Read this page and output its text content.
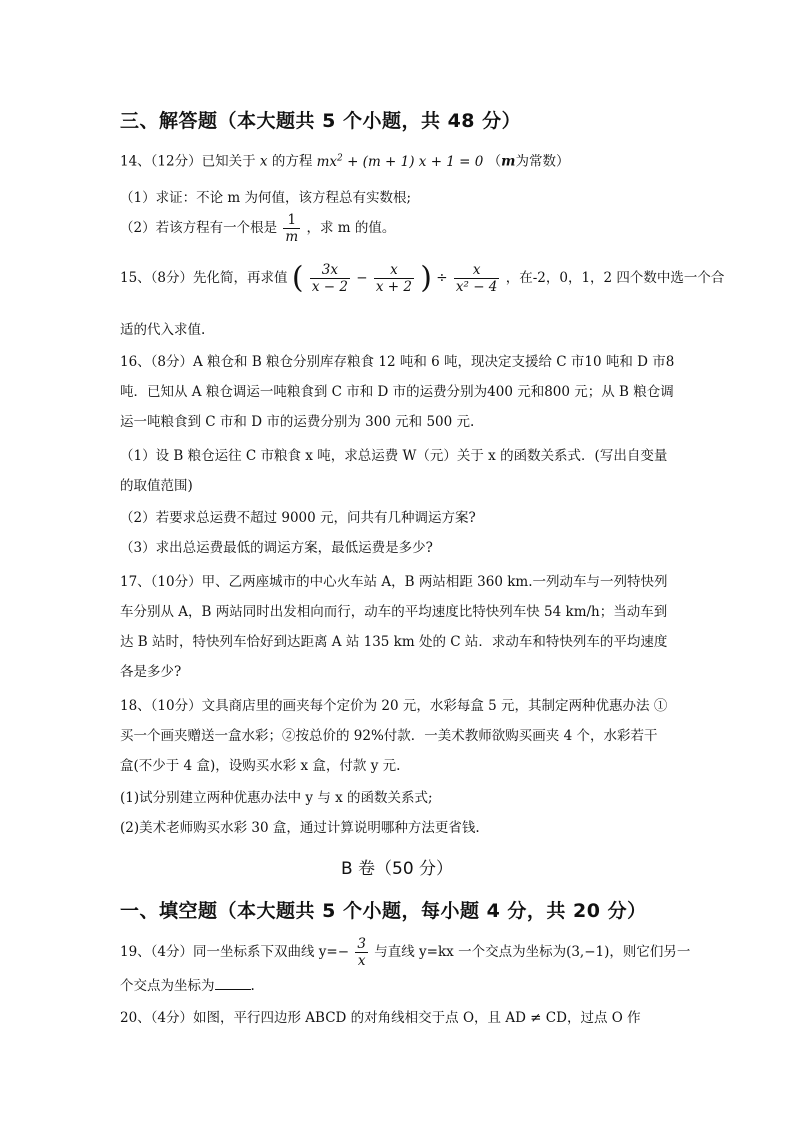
三、解答题（本大题共 5 个小题，共 48 分）
14、（12分）已知关于 x 的方程 $mx^2 + (m + 1) x + 1 = 0$ （m为常数）
（1）求证：不论 m 为何值，该方程总有实数根;
（2）若该方程有一个根是 $\frac{1}{m}$ ，求 m 的值。
15、（8分）先化简，再求值 ( $\frac{3x}{x - 2} - \frac{x}{x + 2}$ ) ÷ $\frac{x}{\text{x² − 4}}$ ，在-2，0，1，2 四个数中选一个合
适的代入求值.
16、（8分）A 粮仓和 B 粮仓分别库存粮食 12 吨和 6 吨，现决定支援给 C 市10 吨和 D 市8
吨．已知从 A 粮仓调运一吨粮食到 C 市和 D 市的运费分别为400 元和800 元；从 B 粮仓调
运一吨粮食到 C 市和 D 市的运费分别为 300 元和 500 元.
（1）设 B 粮仓运往 C 市粮食 x 吨，求总运费 W（元）关于 x 的函数关系式．(写出自变量
的取值范围)
（2）若要求总运费不超过 9000 元，问共有几种调运方案?
（3）求出总运费最低的调运方案，最低运费是多少?
17、（10分）甲、乙两座城市的中心火车站 A，B 两站相距 360 km.一列动车与一列特快列
车分别从 A，B 两站同时出发相向而行，动车的平均速度比特快列车快 54 km/h；当动车到
达 B 站时，特快列车恰好到达距离 A 站 135 km 处的 C 站．求动车和特快列车的平均速度
各是多少?
18、（10分）文具商店里的画夹每个定价为 20 元，水彩每盒 5 元，其制定两种优惠办法 ①
买一个画夹赠送一盒水彩；②按总价的 92%付款．一美术教师欲购买画夹 4 个，水彩若干
盒(不少于 4 盒)，设购买水彩 x 盒，付款 y 元.
(1)试分别建立两种优惠办法中 y 与 x 的函数关系式;
(2)美术老师购买水彩 30 盒，通过计算说明哪种方法更省钱.
B 卷（50 分）
一、填空题（本大题共 5 个小题，每小题 4 分，共 20 分）
19、（4分）同一坐标系下双曲线 $y=- \frac{3}{x}$ 与直线 y=kx 一个交点为坐标为(3,−1)，则它们另一
个交点为坐标为	.
20、（4分）如图，平行四边形 ABCD 的对角线相交于点 O，且 AD ≠ CD，过点 O 作
